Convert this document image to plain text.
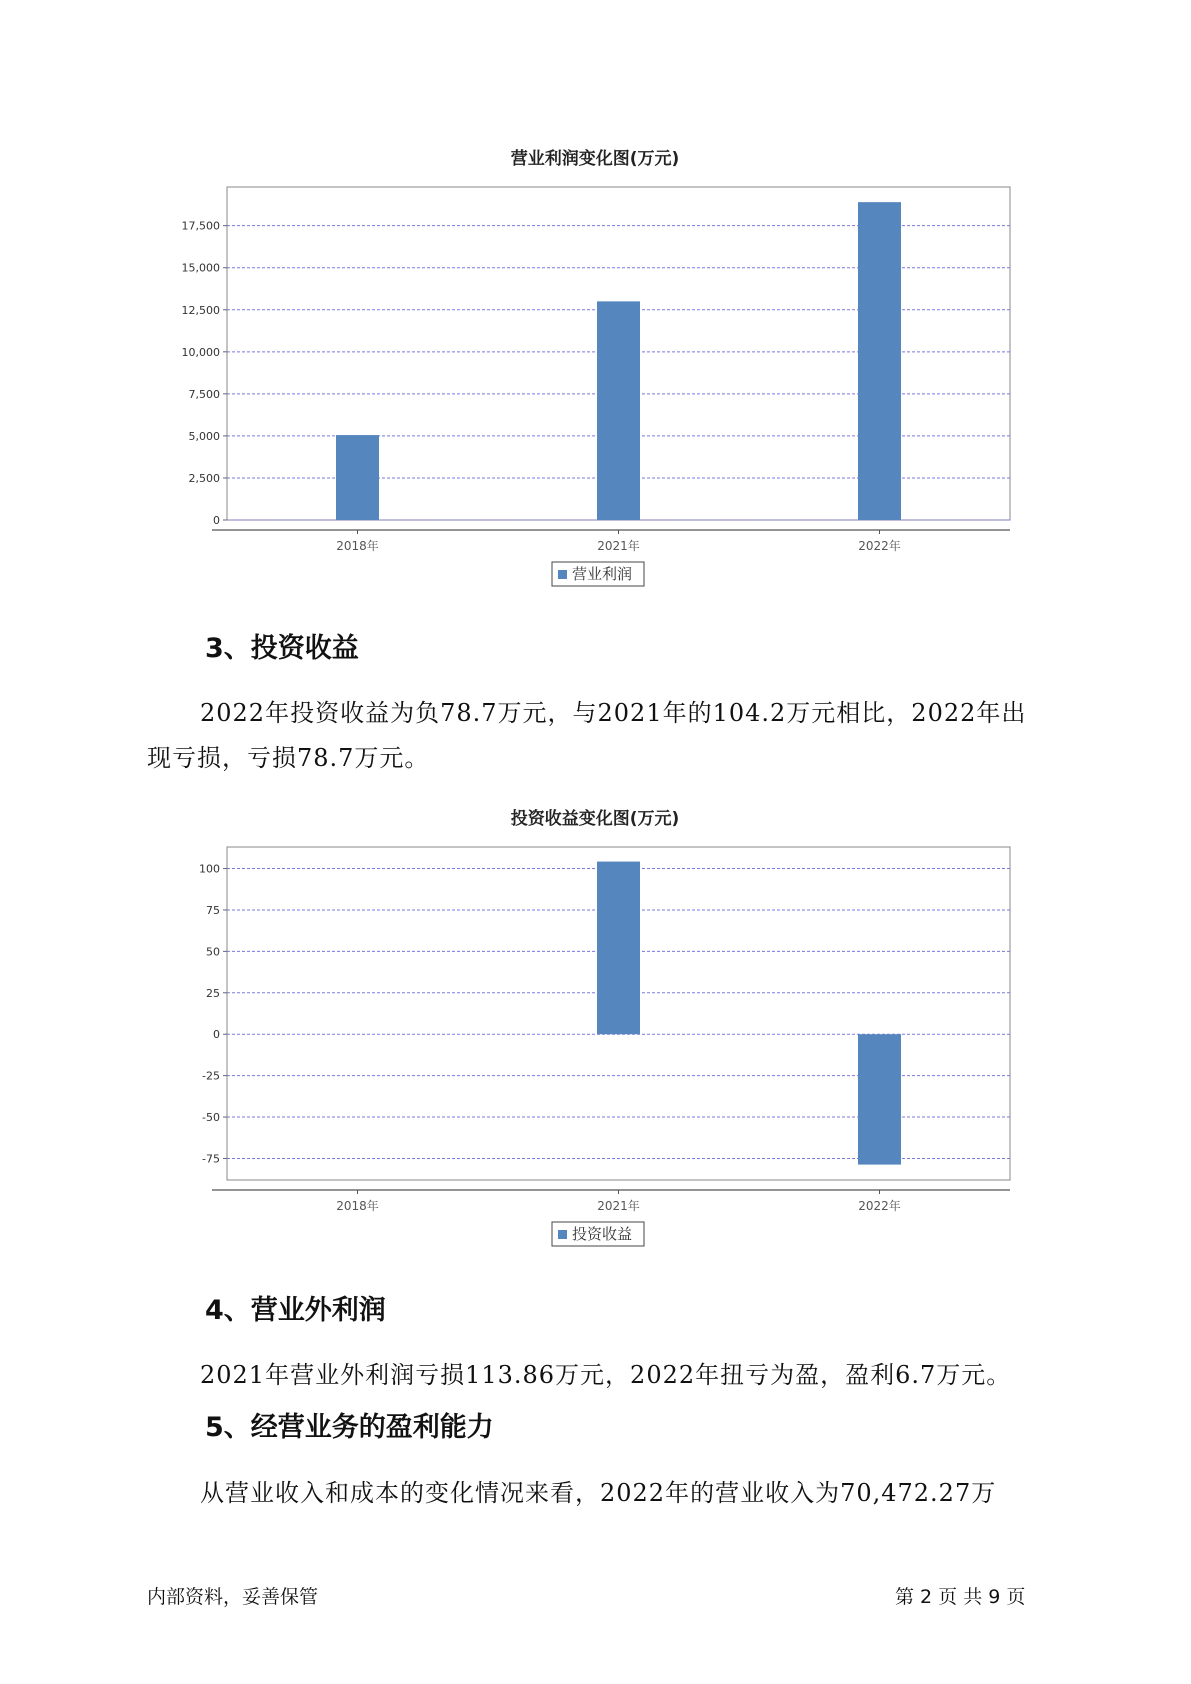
营业利润变化图(万元)
0
2,500
5,000
7,500
10,000
12,500
15,000
17,500
2018年	2021年	2022年
营业利润
3、投资收益
2022年投资收益为负78.7万元，与2021年的104.2万元相比，2022年出
现亏损，亏损78.7万元。
投资收益变化图(万元)
-75
-50
-25
0
25
50
75
100
2018年	2021年	2022年
投资收益
4、营业外利润
2021年营业外利润亏损113.86万元，2022年扭亏为盈，盈利6.7万元。
5、经营业务的盈利能力
从营业收入和成本的变化情况来看，2022年的营业收入为70,472.27万
内部资料，妥善保管	第 2 页 共 9 页
